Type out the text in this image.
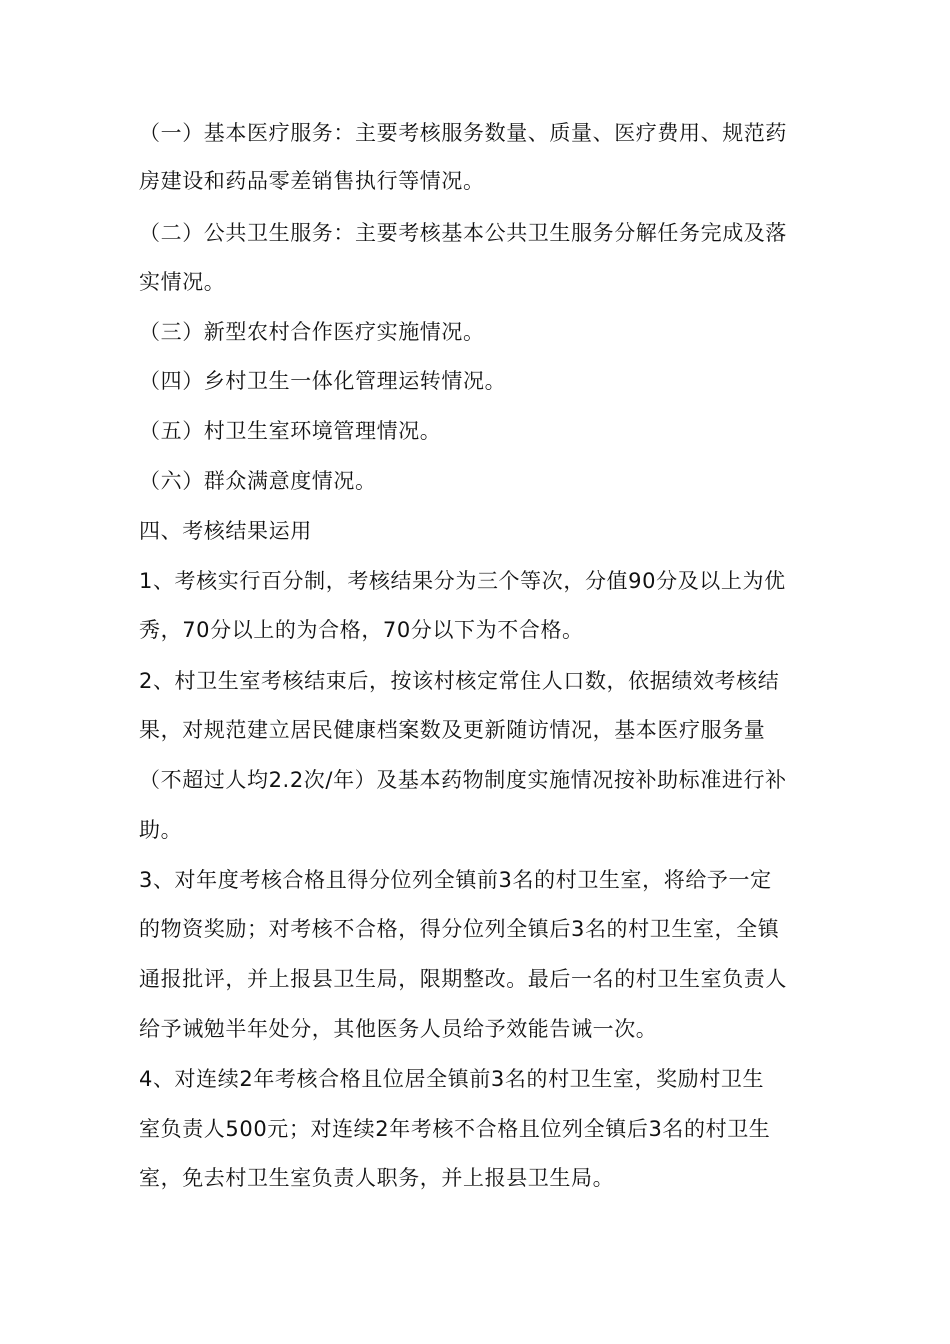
（一）基本医疗服务：主要考核服务数量、质量、医疗费用、规范药
房建设和药品零差销售执行等情况。
（二）公共卫生服务：主要考核基本公共卫生服务分解任务完成及落
实情况。
（三）新型农村合作医疗实施情况。
（四）乡村卫生一体化管理运转情况。
（五）村卫生室环境管理情况。
（六）群众满意度情况。
四、考核结果运用
1、考核实行百分制，考核结果分为三个等次，分值90分及以上为优
秀，70分以上的为合格，70分以下为不合格。
2、村卫生室考核结束后，按该村核定常住人口数，依据绩效考核结
果，对规范建立居民健康档案数及更新随访情况，基本医疗服务量
（不超过人均2.2次/年）及基本药物制度实施情况按补助标准进行补
助。
3、对年度考核合格且得分位列全镇前3名的村卫生室，将给予一定
的物资奖励；对考核不合格，得分位列全镇后3名的村卫生室，全镇
通报批评，并上报县卫生局，限期整改。最后一名的村卫生室负责人
给予诫勉半年处分，其他医务人员给予效能告诫一次。
4、对连续2年考核合格且位居全镇前3名的村卫生室，奖励村卫生
室负责人500元；对连续2年考核不合格且位列全镇后3名的村卫生
室，免去村卫生室负责人职务，并上报县卫生局。
